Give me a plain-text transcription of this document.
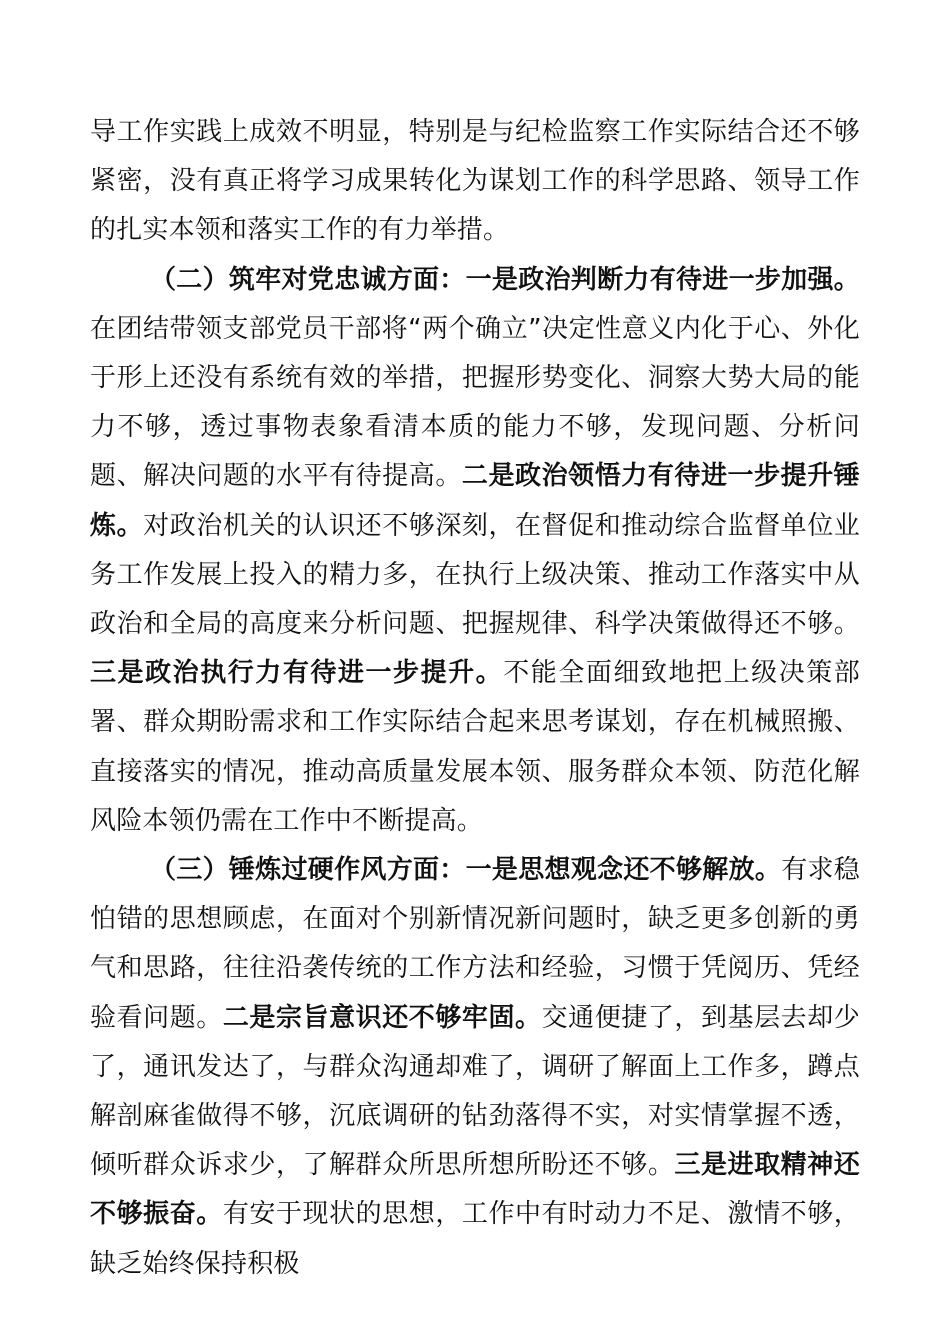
导工作实践上成效不明显，特别是与纪检监察工作实际结合还不够紧密，没有真正将学习成果转化为谋划工作的科学思路、领导工作的扎实本领和落实工作的有力举措。

（二）筑牢对党忠诚方面：一是政治判断力有待进一步加强。在团结带领支部党员干部将“两个确立”决定性意义内化于心、外化于形上还没有系统有效的举措，把握形势变化、洞察大势大局的能力不够，透过事物表象看清本质的能力不够，发现问题、分析问题、解决问题的水平有待提高。二是政治领悟力有待进一步提升锤炼。对政治机关的认识还不够深刻，在督促和推动综合监督单位业务工作发展上投入的精力多，在执行上级决策、推动工作落实中从政治和全局的高度来分析问题、把握规律、科学决策做得还不够。三是政治执行力有待进一步提升。不能全面细致地把上级决策部署、群众期盼需求和工作实际结合起来思考谋划，存在机械照搬、直接落实的情况，推动高质量发展本领、服务群众本领、防范化解风险本领仍需在工作中不断提高。

（三）锤炼过硬作风方面：一是思想观念还不够解放。有求稳怕错的思想顾虑，在面对个别新情况新问题时，缺乏更多创新的勇气和思路，往往沿袭传统的工作方法和经验，习惯于凭阅历、凭经验看问题。二是宗旨意识还不够牢固。交通便捷了，到基层去却少了，通讯发达了，与群众沟通却难了，调研了解面上工作多，蹲点解剖麻雀做得不够，沉底调研的钻劲落得不实，对实情掌握不透，倾听群众诉求少，了解群众所思所想所盼还不够。三是进取精神还不够振奋。有安于现状的思想，工作中有时动力不足、激情不够，缺乏始终保持积极
